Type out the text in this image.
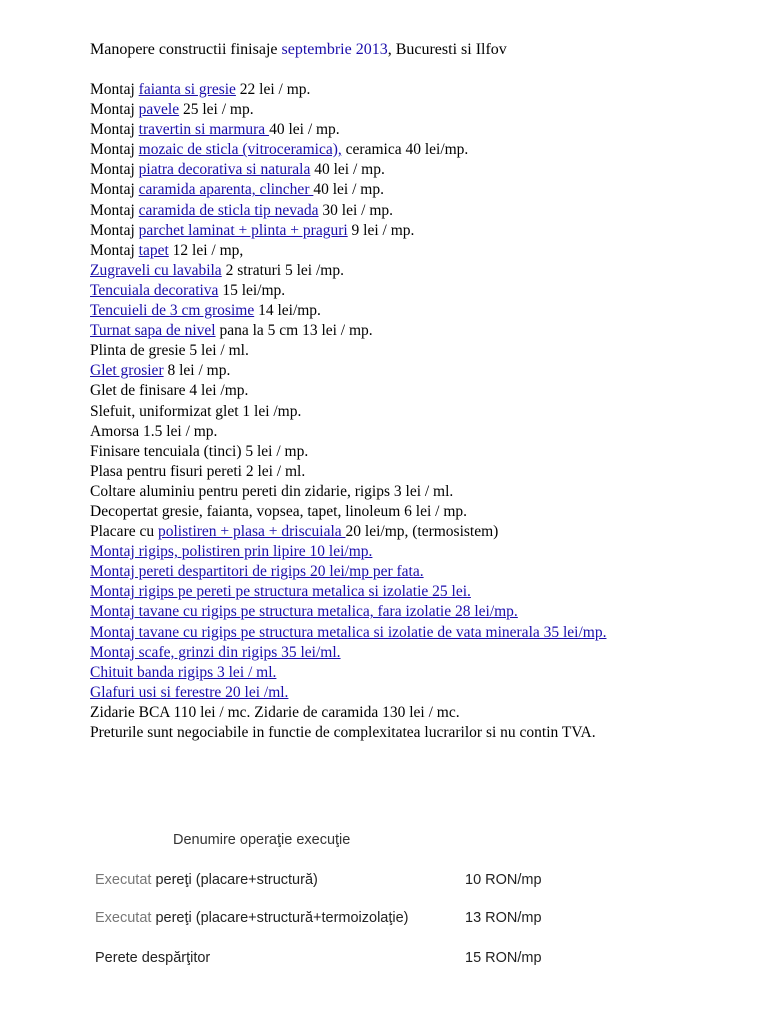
Manopere constructii finisaje septembrie 2013, Bucuresti si Ilfov
Montaj faianta si gresie 22 lei / mp.
Montaj pavele 25 lei / mp.
Montaj travertin si marmura 40 lei / mp.
Montaj mozaic de sticla (vitroceramica), ceramica 40 lei/mp.
Montaj piatra decorativa si naturala 40 lei / mp.
Montaj caramida aparenta, clincher 40 lei / mp.
Montaj caramida de sticla tip nevada 30 lei / mp.
Montaj parchet laminat + plinta + praguri 9 lei / mp.
Montaj tapet 12 lei / mp,
Zugraveli cu lavabila 2 straturi 5 lei /mp.
Tencuiala decorativa 15 lei/mp.
Tencuieli de 3 cm grosime 14 lei/mp.
Turnat sapa de nivel pana la 5 cm 13 lei / mp.
Plinta de gresie 5 lei / ml.
Glet grosier 8 lei / mp.
Glet de finisare 4 lei /mp.
Slefuit, uniformizat glet 1 lei /mp.
Amorsa 1.5 lei / mp.
Finisare tencuiala (tinci) 5 lei / mp.
Plasa pentru fisuri pereti 2 lei / ml.
Coltare aluminiu pentru pereti din zidarie, rigips 3 lei / ml.
Decopertat gresie, faianta, vopsea, tapet, linoleum 6 lei / mp.
Placare cu polistiren + plasa + driscuiala 20 lei/mp, (termosistem)
Montaj rigips, polistiren prin lipire 10 lei/mp.
Montaj pereti despartitori de rigips 20 lei/mp per fata.
Montaj rigips pe pereti pe structura metalica si izolatie 25 lei.
Montaj tavane cu rigips pe structura metalica, fara izolatie 28 lei/mp.
Montaj tavane cu rigips pe structura metalica si izolatie de vata minerala 35 lei/mp.
Montaj scafe, grinzi din rigips 35 lei/ml.
Chituit banda rigips 3 lei / ml.
Glafuri usi si ferestre 20 lei /ml.
Zidarie BCA 110 lei / mc. Zidarie de caramida 130 lei / mc.
Preturile sunt negociabile in functie de complexitatea lucrarilor si nu contin TVA.
Denumire operaţie execuţie
Executat pereţi (placare+structură)	10 RON/mp
Executat pereţi (placare+structură+termoizolaţie)	13 RON/mp
Perete despărţitor	15 RON/mp
